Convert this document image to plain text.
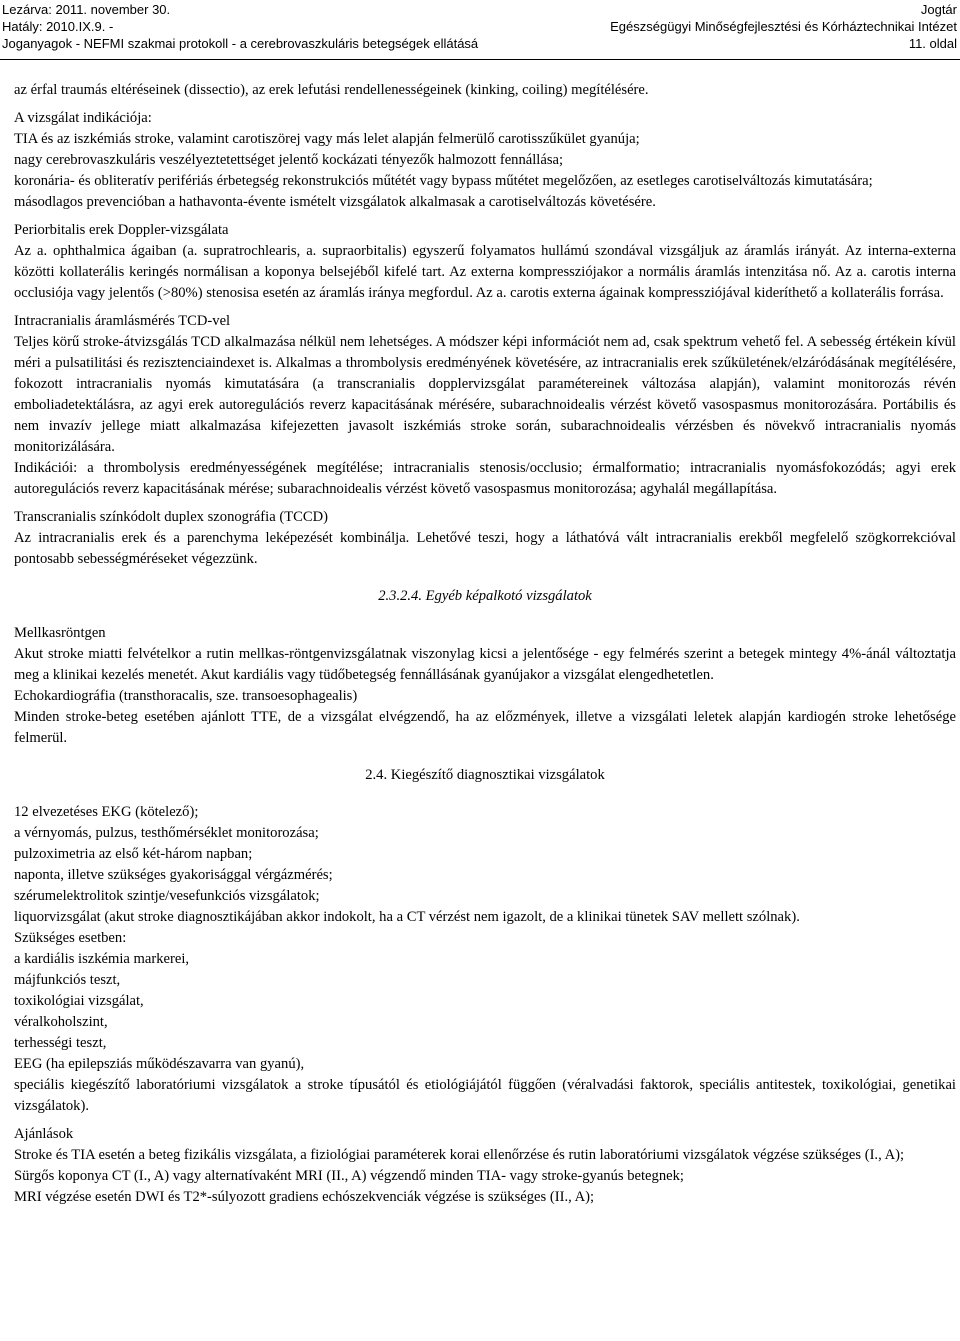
Lezárva: 2011. november 30.
Hatály: 2010.IX.9. -
Joganyagok - NEFMI szakmai protokoll - a cerebrovaszkuláris betegségek ellátásá
Jogtár
Egészségügyi Minőségfejlesztési és Kórháztechnikai Intézet
11. oldal

az érfal traumás eltéréseinek (dissectio), az erek lefutási rendellenességeinek (kinking, coiling) megítélésére.

A vizsgálat indikációja:

TIA és az iszkémiás stroke, valamint carotiszörej vagy más lelet alapján felmerülő carotisszűkület gyanúja;

nagy cerebrovaszkuláris veszélyeztetettséget jelentő kockázati tényezők halmozott fennállása;

koronária- és obliteratív perifériás érbetegség rekonstrukciós műtétét vagy bypass műtétet megelőzően, az esetleges carotiselváltozás kimutatására;

másodlagos prevencióban a hathavonta-évente ismételt vizsgálatok alkalmasak a carotiselváltozás követésére.

Periorbitalis erek Doppler-vizsgálata

Az a. ophthalmica ágaiban (a. supratrochlearis, a. supraorbitalis) egyszerű folyamatos hullámú szondával vizsgáljuk az áramlás irányát. Az interna-externa közötti kollaterális keringés normálisan a koponya belsejéből kifelé tart. Az externa kompressziójakor a normális áramlás intenzitása nő. Az a. carotis interna occlusiója vagy jelentős (>80%) stenosisa esetén az áramlás iránya megfordul. Az a. carotis externa ágainak kompressziójával kideríthető a kollaterális forrása.

Intracranialis áramlásmérés TCD-vel

Teljes körű stroke-átvizsgálás TCD alkalmazása nélkül nem lehetséges. A módszer képi információt nem ad, csak spektrum vehető fel. A sebesség értékein kívül méri a pulsatilitási és rezisztenciaindexet is. Alkalmas a thrombolysis eredményének követésére, az intracranialis erek szűkületének/elzáródásának megítélésére, fokozott intracranialis nyomás kimutatására (a transcranialis dopplervizsgálat paramétereinek változása alapján), valamint monitorozás révén emboliadetektálásra, az agyi erek autoregulációs reverz kapacitásának mérésére, subarachnoidealis vérzést követő vasospasmus monitorozására. Portábilis és nem invazív jellege miatt alkalmazása kifejezetten javasolt iszkémiás stroke során, subarachnoidealis vérzésben és növekvő intracranialis nyomás monitorizálására.

Indikációi: a thrombolysis eredményességének megítélése; intracranialis stenosis/occlusio; érmalformatio; intracranialis nyomásfokozódás; agyi erek autoregulációs reverz kapacitásának mérése; subarachnoidealis vérzést követő vasospasmus monitorozása; agyhalál megállapítása.

Transcranialis színkódolt duplex szonográfia (TCCD)

Az intracranialis erek és a parenchyma leképezését kombinálja. Lehetővé teszi, hogy a láthatóvá vált intracranialis erekből megfelelő szögkorrekcióval pontosabb sebességméréseket végezzünk.

2.3.2.4. Egyéb képalkotó vizsgálatok

Mellkasröntgen

Akut stroke miatti felvételkor a rutin mellkas-röntgenvizsgálatnak viszonylag kicsi a jelentősége - egy felmérés szerint a betegek mintegy 4%-ánál változtatja meg a klinikai kezelés menetét. Akut kardiális vagy tüdőbetegség fennállásának gyanújakor a vizsgálat elengedhetetlen.

Echokardiográfia (transthoracalis, sze. transoesophagealis)

Minden stroke-beteg esetében ajánlott TTE, de a vizsgálat elvégzendő, ha az előzmények, illetve a vizsgálati leletek alapján kardiogén stroke lehetősége felmerül.

2.4. Kiegészítő diagnosztikai vizsgálatok

12 elvezetéses EKG (kötelező);

a vérnyomás, pulzus, testhőmérséklet monitorozása;

pulzoximetria az első két-három napban;

naponta, illetve szükséges gyakorisággal vérgázmérés;

szérumelektrolitok szintje/vesefunkciós vizsgálatok;

liquorvizsgálat (akut stroke diagnosztikájában akkor indokolt, ha a CT vérzést nem igazolt, de a klinikai tünetek SAV mellett szólnak).

Szükséges esetben:

a kardiális iszkémia markerei,

májfunkciós teszt,

toxikológiai vizsgálat,

véralkoholszint,

terhességi teszt,

EEG (ha epilepsziás működészavarra van gyanú),

speciális kiegészítő laboratóriumi vizsgálatok a stroke típusától és etiológiájától függően (véralvadási faktorok, speciális antitestek, toxikológiai, genetikai vizsgálatok).

Ajánlások

Stroke és TIA esetén a beteg fizikális vizsgálata, a fiziológiai paraméterek korai ellenőrzése és rutin laboratóriumi vizsgálatok végzése szükséges (I., A);

Sürgős koponya CT (I., A) vagy alternatívaként MRI (II., A) végzendő minden TIA- vagy stroke-gyanús betegnek;

MRI végzése esetén DWI és T2*-súlyozott gradiens echószekvenciák végzése is szükséges (II., A);
